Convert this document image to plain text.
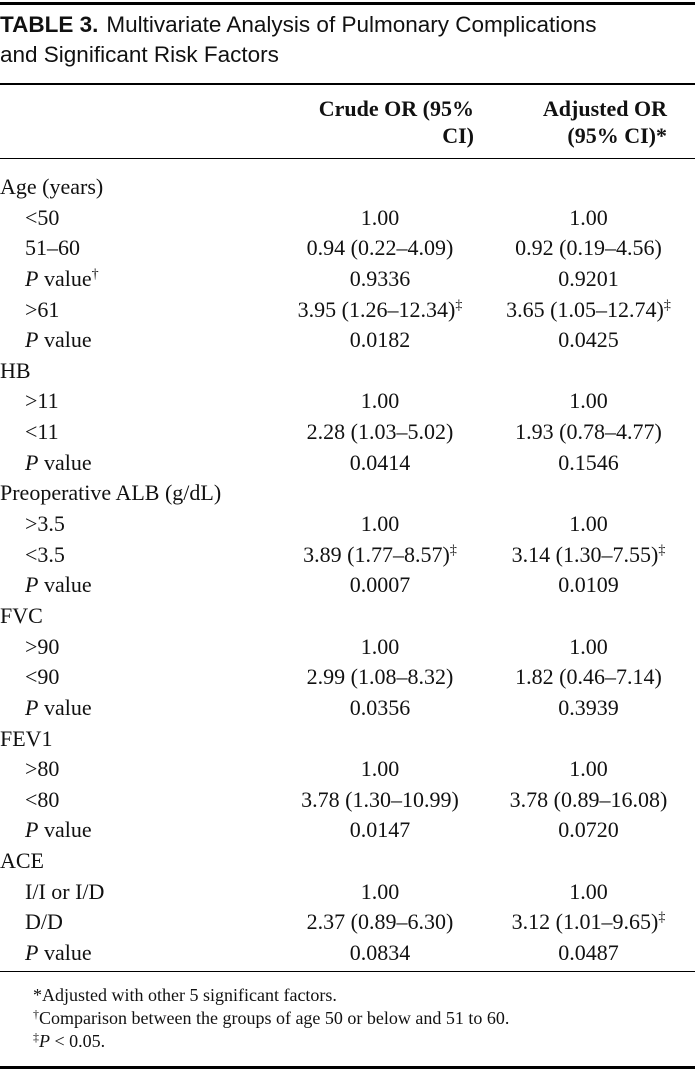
TABLE 3. Multivariate Analysis of Pulmonary Complications
and Significant Risk Factors
Crude OR (95%
CI)
Adjusted OR
(95% CI)*
Age (years)
<50	1.00	1.00
51–60	0.94 (0.22–4.09)	0.92 (0.19–4.56)
P value†	0.9336	0.9201
>61	3.95 (1.26–12.34)‡	3.65 (1.05–12.74)‡
P value	0.0182	0.0425
HB
>11	1.00	1.00
<11	2.28 (1.03–5.02)	1.93 (0.78–4.77)
P value	0.0414	0.1546
Preoperative ALB (g/dL)
>3.5	1.00	1.00
<3.5	3.89 (1.77–8.57)‡	3.14 (1.30–7.55)‡
P value	0.0007	0.0109
FVC
>90	1.00	1.00
<90	2.99 (1.08–8.32)	1.82 (0.46–7.14)
P value	0.0356	0.3939
FEV1
>80	1.00	1.00
<80	3.78 (1.30–10.99)	3.78 (0.89–16.08)
P value	0.0147	0.0720
ACE
I/I or I/D	1.00	1.00
D/D	2.37 (0.89–6.30)	3.12 (1.01–9.65)‡
P value	0.0834	0.0487
*Adjusted with other 5 significant factors.
†Comparison between the groups of age 50 or below and 51 to 60.
‡P < 0.05.
